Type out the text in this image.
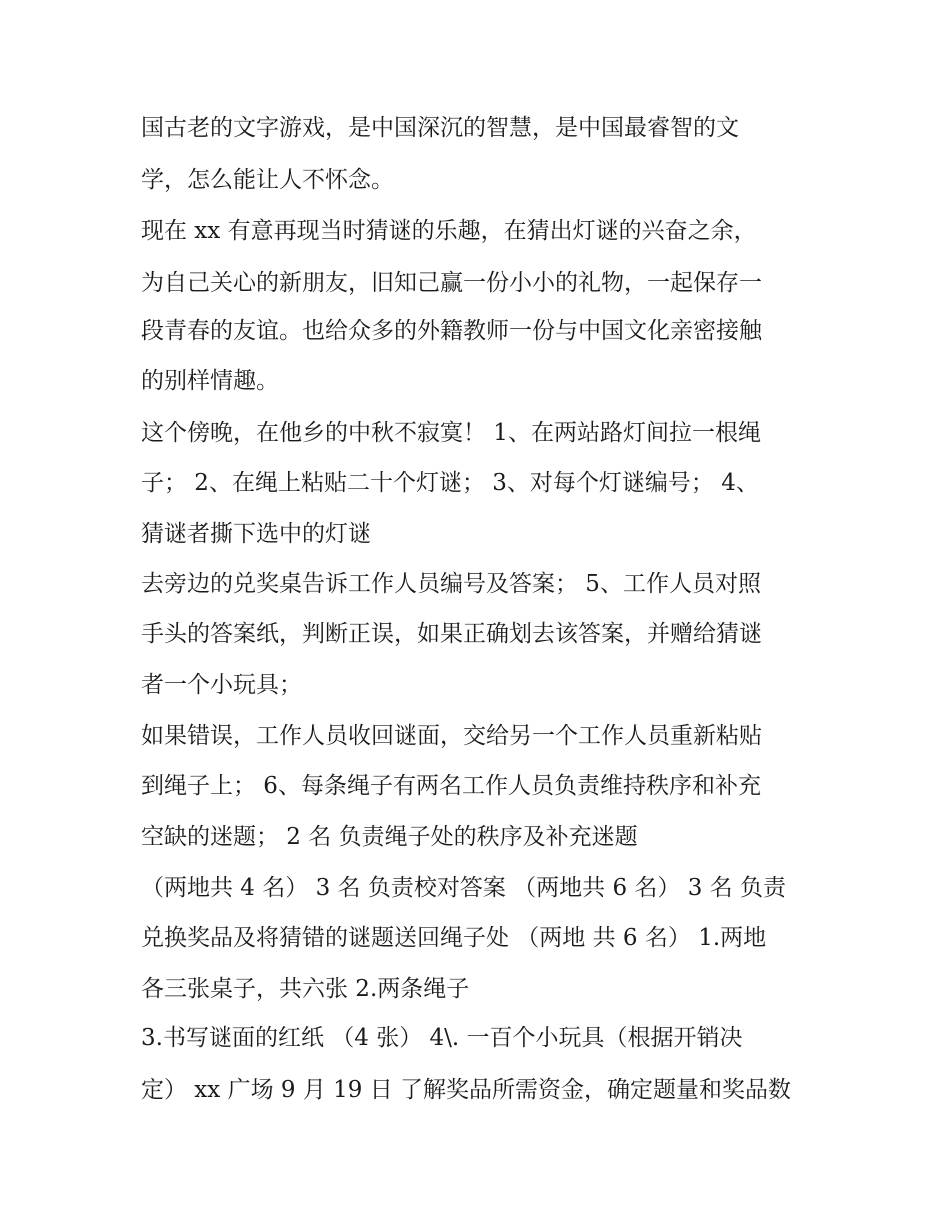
国古老的文字游戏，是中国深沉的智慧，是中国最睿智的文
学，怎么能让人不怀念。
现在 xx 有意再现当时猜谜的乐趣，在猜出灯谜的兴奋之余，
为自己关心的新朋友，旧知己赢一份小小的礼物，一起保存一
段青春的友谊。也给众多的外籍教师一份与中国文化亲密接触
的别样情趣。
这个傍晚，在他乡的中秋不寂寞！ 1、在两站路灯间拉一根绳
子； 2、在绳上粘贴二十个灯谜； 3、对每个灯谜编号； 4、
猜谜者撕下选中的灯谜
去旁边的兑奖桌告诉工作人员编号及答案； 5、工作人员对照
手头的答案纸，判断正误，如果正确划去该答案，并赠给猜谜
者一个小玩具；
如果错误，工作人员收回谜面，交给另一个工作人员重新粘贴
到绳子上； 6、每条绳子有两名工作人员负责维持秩序和补充
空缺的迷题； 2 名 负责绳子处的秩序及补充迷题
（两地共 4 名） 3 名 负责校对答案 （两地共 6 名） 3 名 负责
兑换奖品及将猜错的谜题送回绳子处 （两地 共 6 名） 1.两地
各三张桌子，共六张 2.两条绳子
3.书写谜面的红纸 （4 张） 4\. 一百个小玩具（根据开销决
定） xx 广场 9 月 19 日 了解奖品所需资金，确定题量和奖品数
